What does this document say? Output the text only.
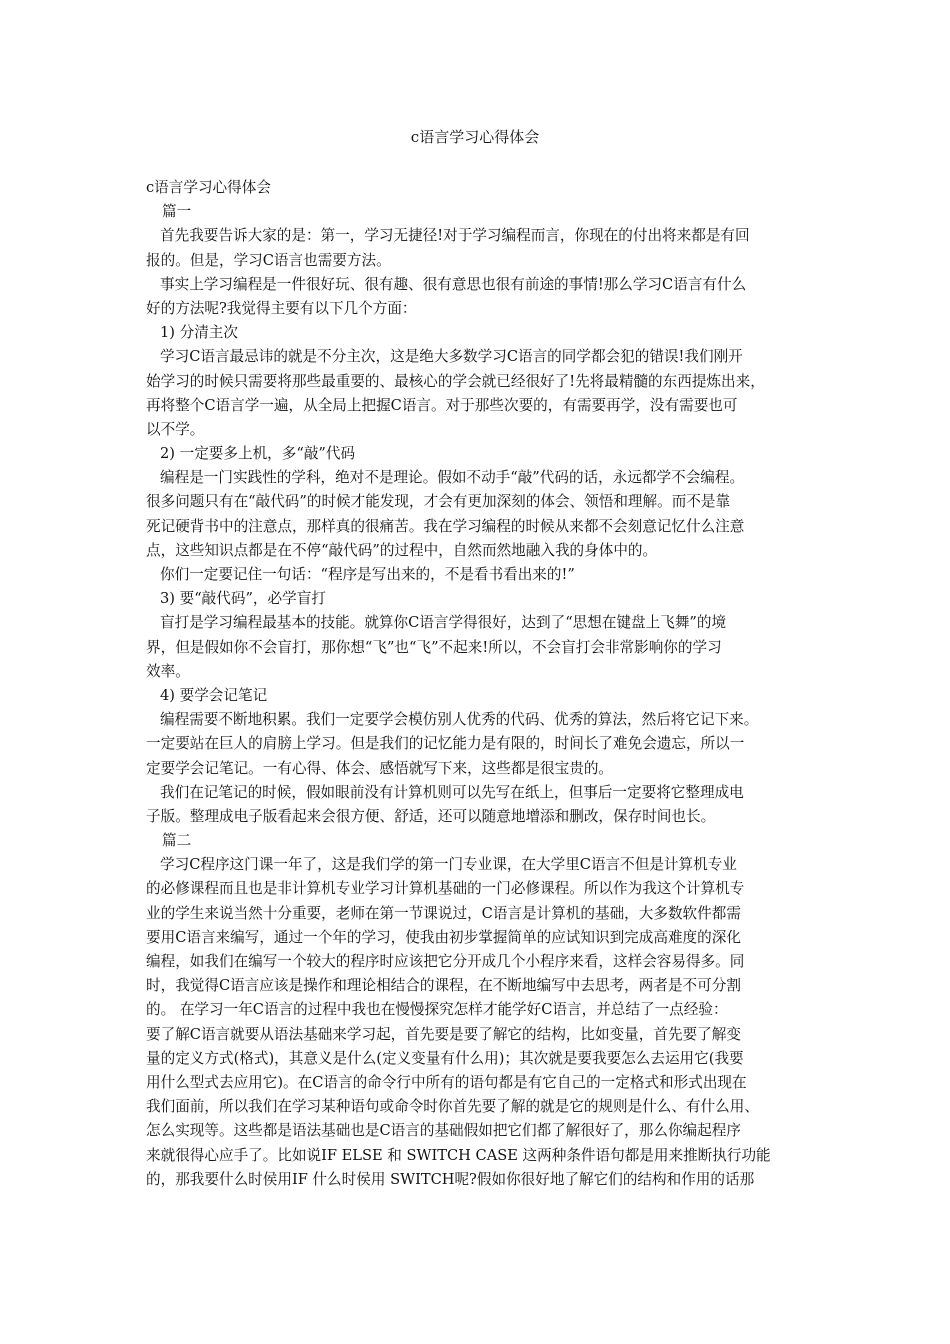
c语言学习心得体会
c语言学习心得体会
篇一
首先我要告诉大家的是：第一，学习无捷径!对于学习编程而言，你现在的付出将来都是有回
报的。但是，学习C语言也需要方法。
事实上学习编程是一件很好玩、很有趣、很有意思也很有前途的事情!那么学习C语言有什么
好的方法呢?我觉得主要有以下几个方面：
1) 分清主次
学习C语言最忌讳的就是不分主次，这是绝大多数学习C语言的同学都会犯的错误!我们刚开
始学习的时候只需要将那些最重要的、最核心的学会就已经很好了!先将最精髓的东西提炼出来，
再将整个C语言学一遍，从全局上把握C语言。对于那些次要的，有需要再学，没有需要也可
以不学。
2) 一定要多上机，多“敲”代码
编程是一门实践性的学科，绝对不是理论。假如不动手“敲”代码的话，永远都学不会编程。
很多问题只有在“敲代码”的时候才能发现，才会有更加深刻的体会、领悟和理解。而不是靠
死记硬背书中的注意点，那样真的很痛苦。我在学习编程的时候从来都不会刻意记忆什么注意
点，这些知识点都是在不停“敲代码”的过程中，自然而然地融入我的身体中的。
你们一定要记住一句话：“程序是写出来的，不是看书看出来的!”
3) 要“敲代码”，必学盲打
盲打是学习编程最基本的技能。就算你C语言学得很好，达到了“思想在键盘上飞舞”的境
界，但是假如你不会盲打，那你想“飞”也“飞”不起来!所以，不会盲打会非常影响你的学习
效率。
4) 要学会记笔记
编程需要不断地积累。我们一定要学会模仿别人优秀的代码、优秀的算法，然后将它记下来。
一定要站在巨人的肩膀上学习。但是我们的记忆能力是有限的，时间长了难免会遗忘，所以一
定要学会记笔记。一有心得、体会、感悟就写下来，这些都是很宝贵的。
我们在记笔记的时候，假如眼前没有计算机则可以先写在纸上，但事后一定要将它整理成电
子版。整理成电子版看起来会很方便、舒适，还可以随意地增添和删改，保存时间也长。
篇二
学习C程序这门课一年了，这是我们学的第一门专业课，在大学里C语言不但是计算机专业
的必修课程而且也是非计算机专业学习计算机基础的一门必修课程。所以作为我这个计算机专
业的学生来说当然十分重要，老师在第一节课说过，C语言是计算机的基础，大多数软件都需
要用C语言来编写，通过一个年的学习，使我由初步掌握简单的应试知识到完成高难度的深化
编程，如我们在编写一个较大的程序时应该把它分开成几个小程序来看，这样会容易得多。同
时，我觉得C语言应该是操作和理论相结合的课程，在不断地编写中去思考，两者是不可分割
的。 在学习一年C语言的过程中我也在慢慢探究怎样才能学好C语言，并总结了一点经验：
要了解C语言就要从语法基础来学习起，首先要是要了解它的结构，比如变量，首先要了解变
量的定义方式(格式)，其意义是什么(定义变量有什么用)；其次就是要我要怎么去运用它(我要
用什么型式去应用它)。在C语言的命令行中所有的语句都是有它自己的一定格式和形式出现在
我们面前，所以我们在学习某种语句或命令时你首先要了解的就是它的规则是什么、有什么用、
怎么实现等。这些都是语法基础也是C语言的基础假如把它们都了解很好了，那么你编起程序
来就很得心应手了。比如说IF ELSE 和 SWITCH CASE 这两种条件语句都是用来推断执行功能
的，那我要什么时侯用IF 什么时侯用 SWITCH呢?假如你很好地了解它们的结构和作用的话那
